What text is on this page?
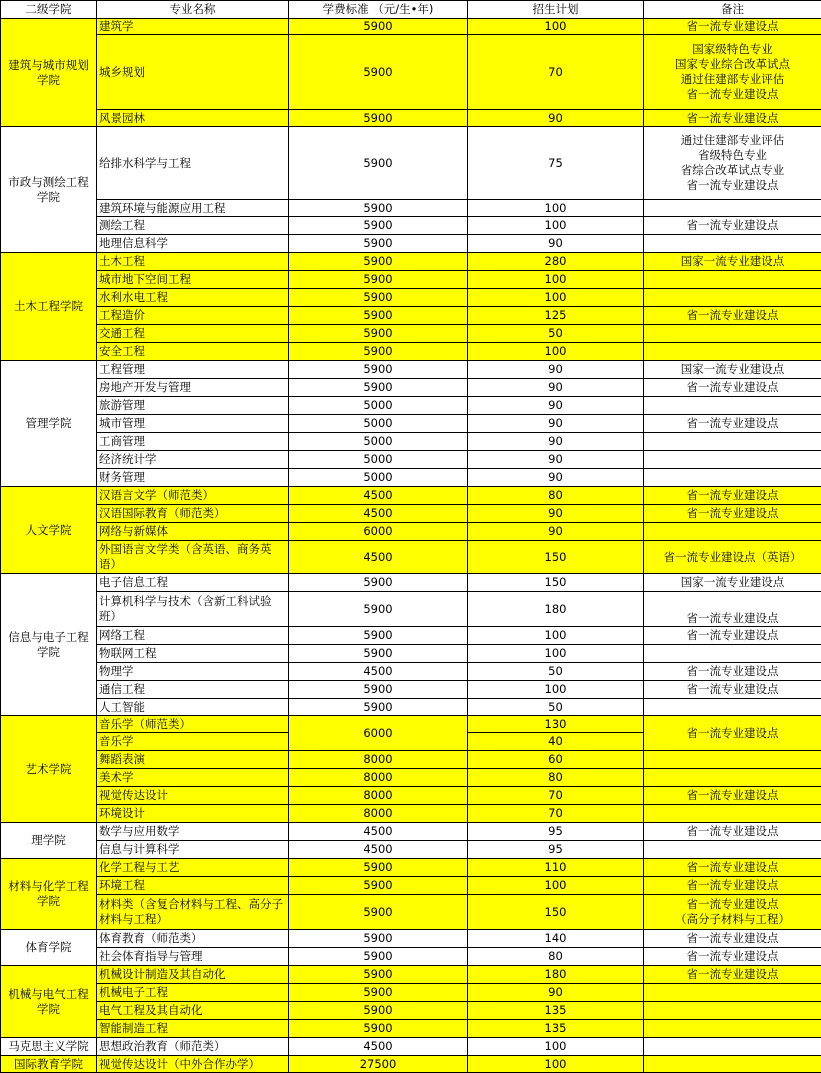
二级学院	专业名称	学费标准 （元/生•年)	招生计划	备注
建筑与城市规划学院	建筑学	5900	100	省一流专业建设点
	城乡规划	5900	70	国家级特色专业
国家专业综合改革试点
通过住建部专业评估
省一流专业建设点
	风景园林	5900	90	省一流专业建设点
市政与测绘工程学院	给排水科学与工程	5900	75	通过住建部专业评估
省级特色专业
省综合改革试点专业
省一流专业建设点
	建筑环境与能源应用工程	5900	100	
	测绘工程	5900	100	省一流专业建设点
	地理信息科学	5900	90	
土木工程学院	土木工程	5900	280	国家一流专业建设点
	城市地下空间工程	5900	100	
	水利水电工程	5900	100	
	工程造价	5900	125	省一流专业建设点
	交通工程	5900	50	
	安全工程	5900	100	
管理学院	工程管理	5900	90	国家一流专业建设点
	房地产开发与管理	5900	90	省一流专业建设点
	旅游管理	5000	90	
	城市管理	5000	90	省一流专业建设点
	工商管理	5000	90	
	经济统计学	5000	90	
	财务管理	5000	90	
人文学院	汉语言文学（师范类）	4500	80	省一流专业建设点
	汉语国际教育（师范类）	4500	90	省一流专业建设点
	网络与新媒体	6000	90	
	外国语言文学类（含英语、商务英语）	4500	150	省一流专业建设点（英语）
信息与电子工程学院	电子信息工程	5900	150	国家一流专业建设点
	计算机科学与技术（含新工科试验班）	5900	180	省一流专业建设点
	网络工程	5900	100	省一流专业建设点
	物联网工程	5900	100	
	物理学	4500	50	省一流专业建设点
	通信工程	5900	100	省一流专业建设点
	人工智能	5900	50	
艺术学院	音乐学（师范类）	6000	130	省一流专业建设点
	音乐学		40	
	舞蹈表演	8000	60	
	美术学	8000	80	
	视觉传达设计	8000	70	省一流专业建设点
	环境设计	8000	70	
理学院	数学与应用数学	4500	95	省一流专业建设点
	信息与计算科学	4500	95	
材料与化学工程学院	化学工程与工艺	5900	110	省一流专业建设点
	环境工程	5900	100	省一流专业建设点
	材料类（含复合材料与工程、高分子材料与工程）	5900	150	省一流专业建设点
（高分子材料与工程）
体育学院	体育教育（师范类）	5900	140	省一流专业建设点
	社会体育指导与管理	5900	80	省一流专业建设点
机械与电气工程学院	机械设计制造及其自动化	5900	180	省一流专业建设点
	机械电子工程	5900	90	
	电气工程及其自动化	5900	135	
	智能制造工程	5900	135	
马克思主义学院	思想政治教育（师范类）	4500	100	
国际教育学院	视觉传达设计（中外合作办学）	27500	100	
